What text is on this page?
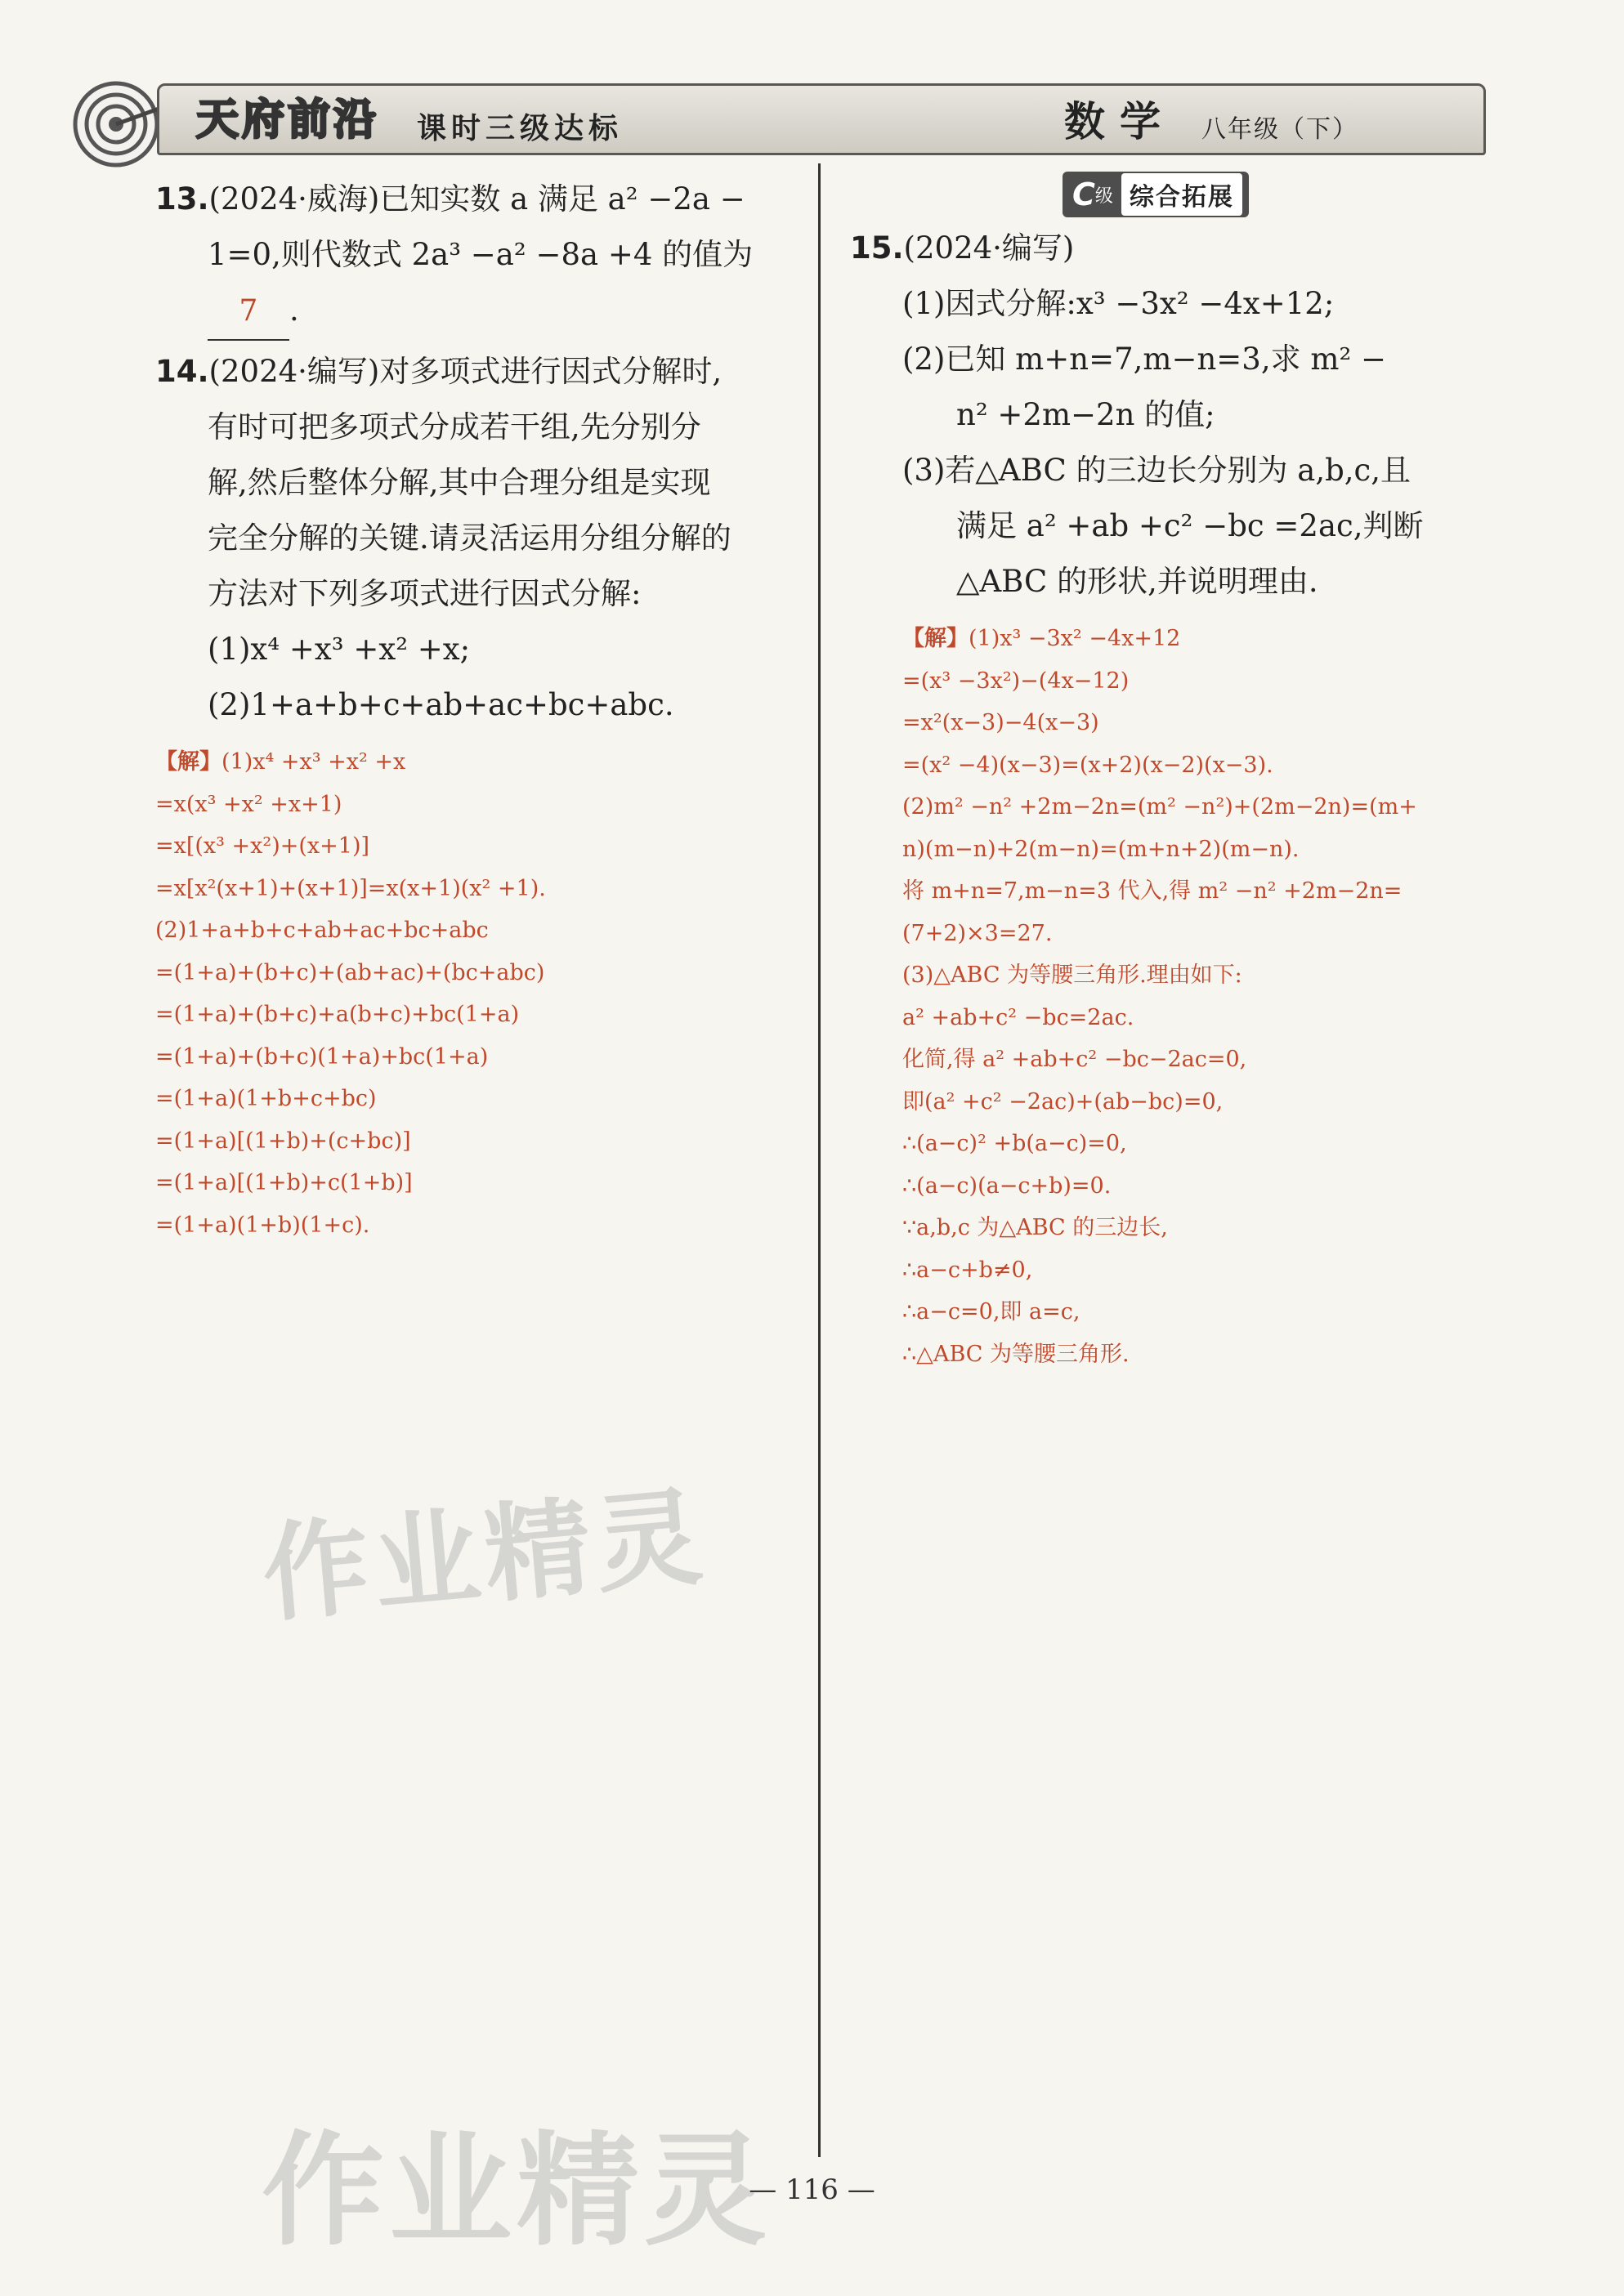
天府前沿 课时三级达标	数学 八年级（下）
13.(2024·威海)已知实数 a 满足 a² −2a −
1=0,则代数式 2a³ −a² −8a +4 的值为
7 .
14.(2024·编写)对多项式进行因式分解时,
有时可把多项式分成若干组,先分别分
解,然后整体分解,其中合理分组是实现
完全分解的关键.请灵活运用分组分解的
方法对下列多项式进行因式分解:
(1)x⁴ +x³ +x² +x;
(2)1+a+b+c+ab+ac+bc+abc.
【解】(1)x⁴ +x³ +x² +x
=x(x³ +x² +x+1)
=x[(x³ +x²)+(x+1)]
=x[x²(x+1)+(x+1)]=x(x+1)(x² +1).
(2)1+a+b+c+ab+ac+bc+abc
=(1+a)+(b+c)+(ab+ac)+(bc+abc)
=(1+a)+(b+c)+a(b+c)+bc(1+a)
=(1+a)+(b+c)(1+a)+bc(1+a)
=(1+a)(1+b+c+bc)
=(1+a)[(1+b)+(c+bc)]
=(1+a)[(1+b)+c(1+b)]
=(1+a)(1+b)(1+c).
C 级 综合拓展
15.(2024·编写)
(1)因式分解:x³ −3x² −4x+12;
(2)已知 m+n=7,m−n=3,求 m² −
n² +2m−2n 的值;
(3)若△ABC 的三边长分别为 a,b,c,且
满足 a² +ab +c² −bc =2ac,判断
△ABC 的形状,并说明理由.
【解】(1)x³ −3x² −4x+12
=(x³ −3x²)−(4x−12)
=x²(x−3)−4(x−3)
=(x² −4)(x−3)=(x+2)(x−2)(x−3).
(2)m² −n² +2m−2n=(m² −n²)+(2m−2n)=(m+
n)(m−n)+2(m−n)=(m+n+2)(m−n).
将 m+n=7,m−n=3 代入,得 m² −n² +2m−2n=
(7+2)×3=27.
(3)△ABC 为等腰三角形.理由如下:
a² +ab+c² −bc=2ac.
化简,得 a² +ab+c² −bc−2ac=0,
即(a² +c² −2ac)+(ab−bc)=0,
∴(a−c)² +b(a−c)=0,
∴(a−c)(a−c+b)=0.
∵a,b,c 为△ABC 的三边长,
∴a−c+b≠0,
∴a−c=0,即 a=c,
∴△ABC 为等腰三角形.
作业精灵
作业精灵
— 116 —
